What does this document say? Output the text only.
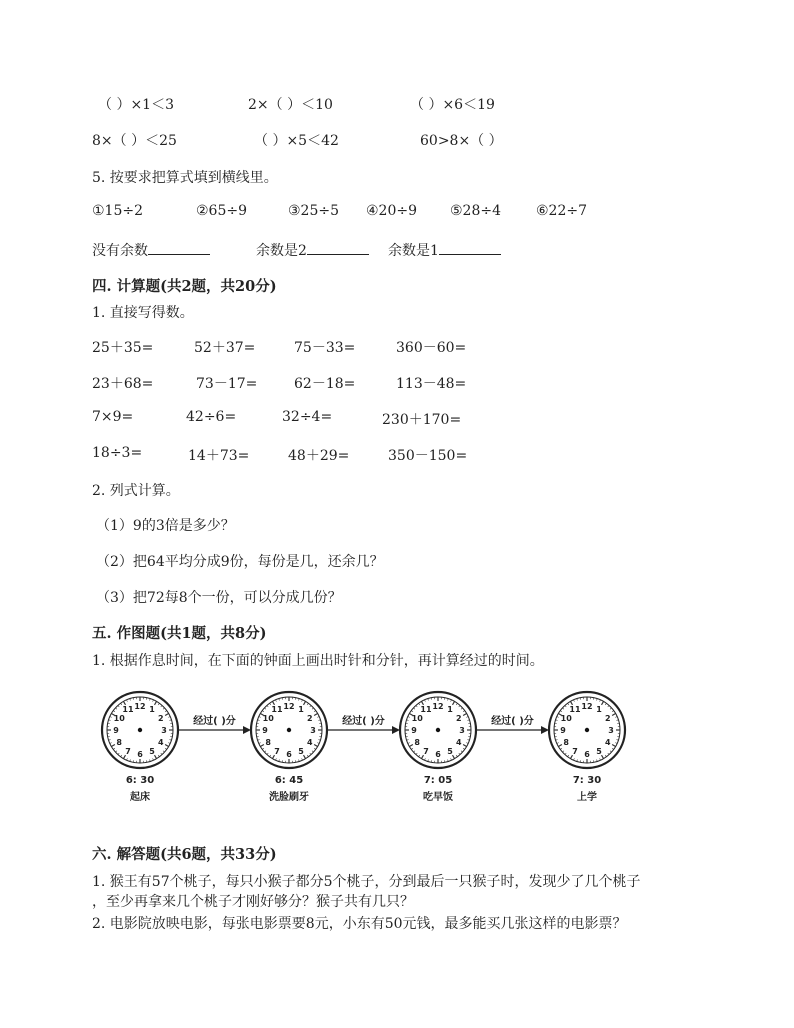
（ ）×1＜3	2×（ ）＜10	（ ）×6＜19
8×（ ）＜25	（ ）×5＜42	60>8×（ ）
5. 按要求把算式填到横线里。
①15÷2	②65÷9	③25÷5 ④20÷9 ⑤28÷4 ⑥22÷7
没有余数	余数是2	余数是1
四. 计算题(共2题，共20分)
1. 直接写得数。
25＋35=	52＋37=	75－33=	360－60=
23＋68=	73－17=	62－18=	113－48=
7×9=	42÷6=	32÷4=	230＋170=
18÷3=	14＋73=	48＋29=	350－150=
2. 列式计算。
（1）9的3倍是多少？
（2）把64平均分成9份，每份是几，还余几？
（3）把72每8个一份，可以分成几份？
五. 作图题(共1题，共8分)
1. 根据作息时间，在下面的钟面上画出时针和分针，再计算经过的时间。
12 1
2
3
4
5
6
7
8
9
10
11
6: 30
起床
12 1
2
3
4
5
6
7
8
9
10
11
6: 45
洗脸刷牙
12 1
2
3
4
5
6
7
8
9
10
11
7: 05
吃早饭
12 1
2
3
4
5
6
7
8
9
10
11
7: 30
上学
经过( )分	经过( )分	经过( )分
六. 解答题(共6题，共33分)
1. 猴王有57个桃子，每只小猴子都分5个桃子，分到最后一只猴子时，发现少了几个桃子
，至少再拿来几个桃子才刚好够分？猴子共有几只？
2. 电影院放映电影，每张电影票要8元，小东有50元钱，最多能买几张这样的电影票？
